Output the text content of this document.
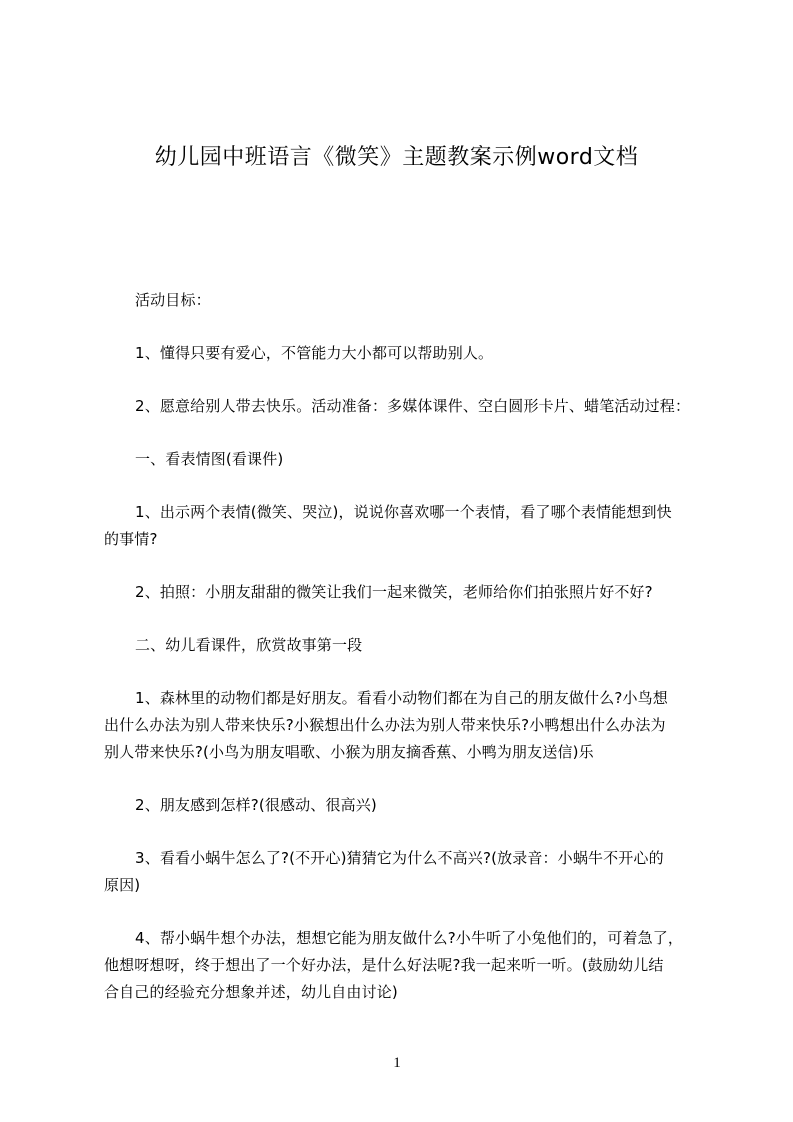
幼儿园中班语言《微笑》主题教案示例word文档
活动目标：
1、懂得只要有爱心，不管能力大小都可以帮助别人。
2、愿意给别人带去快乐。活动准备：多媒体课件、空白圆形卡片、蜡笔活动过程：
一、看表情图(看课件)
1、出示两个表情(微笑、哭泣)，说说你喜欢哪一个表情，看了哪个表情能想到快
的事情?
2、拍照：小朋友甜甜的微笑让我们一起来微笑，老师给你们拍张照片好不好?
二、幼儿看课件，欣赏故事第一段
1、森林里的动物们都是好朋友。看看小动物们都在为自己的朋友做什么?小鸟想
出什么办法为别人带来快乐?小猴想出什么办法为别人带来快乐?小鸭想出什么办法为
别人带来快乐?(小鸟为朋友唱歌、小猴为朋友摘香蕉、小鸭为朋友送信)乐
2、朋友感到怎样?(很感动、很高兴)
3、看看小蜗牛怎么了?(不开心)猜猜它为什么不高兴?(放录音：小蜗牛不开心的
原因)
4、帮小蜗牛想个办法，想想它能为朋友做什么?小牛听了小兔他们的，可着急了，
他想呀想呀，终于想出了一个好办法，是什么好法呢?我一起来听一听。(鼓励幼儿结
合自己的经验充分想象并述，幼儿自由讨论)
1
